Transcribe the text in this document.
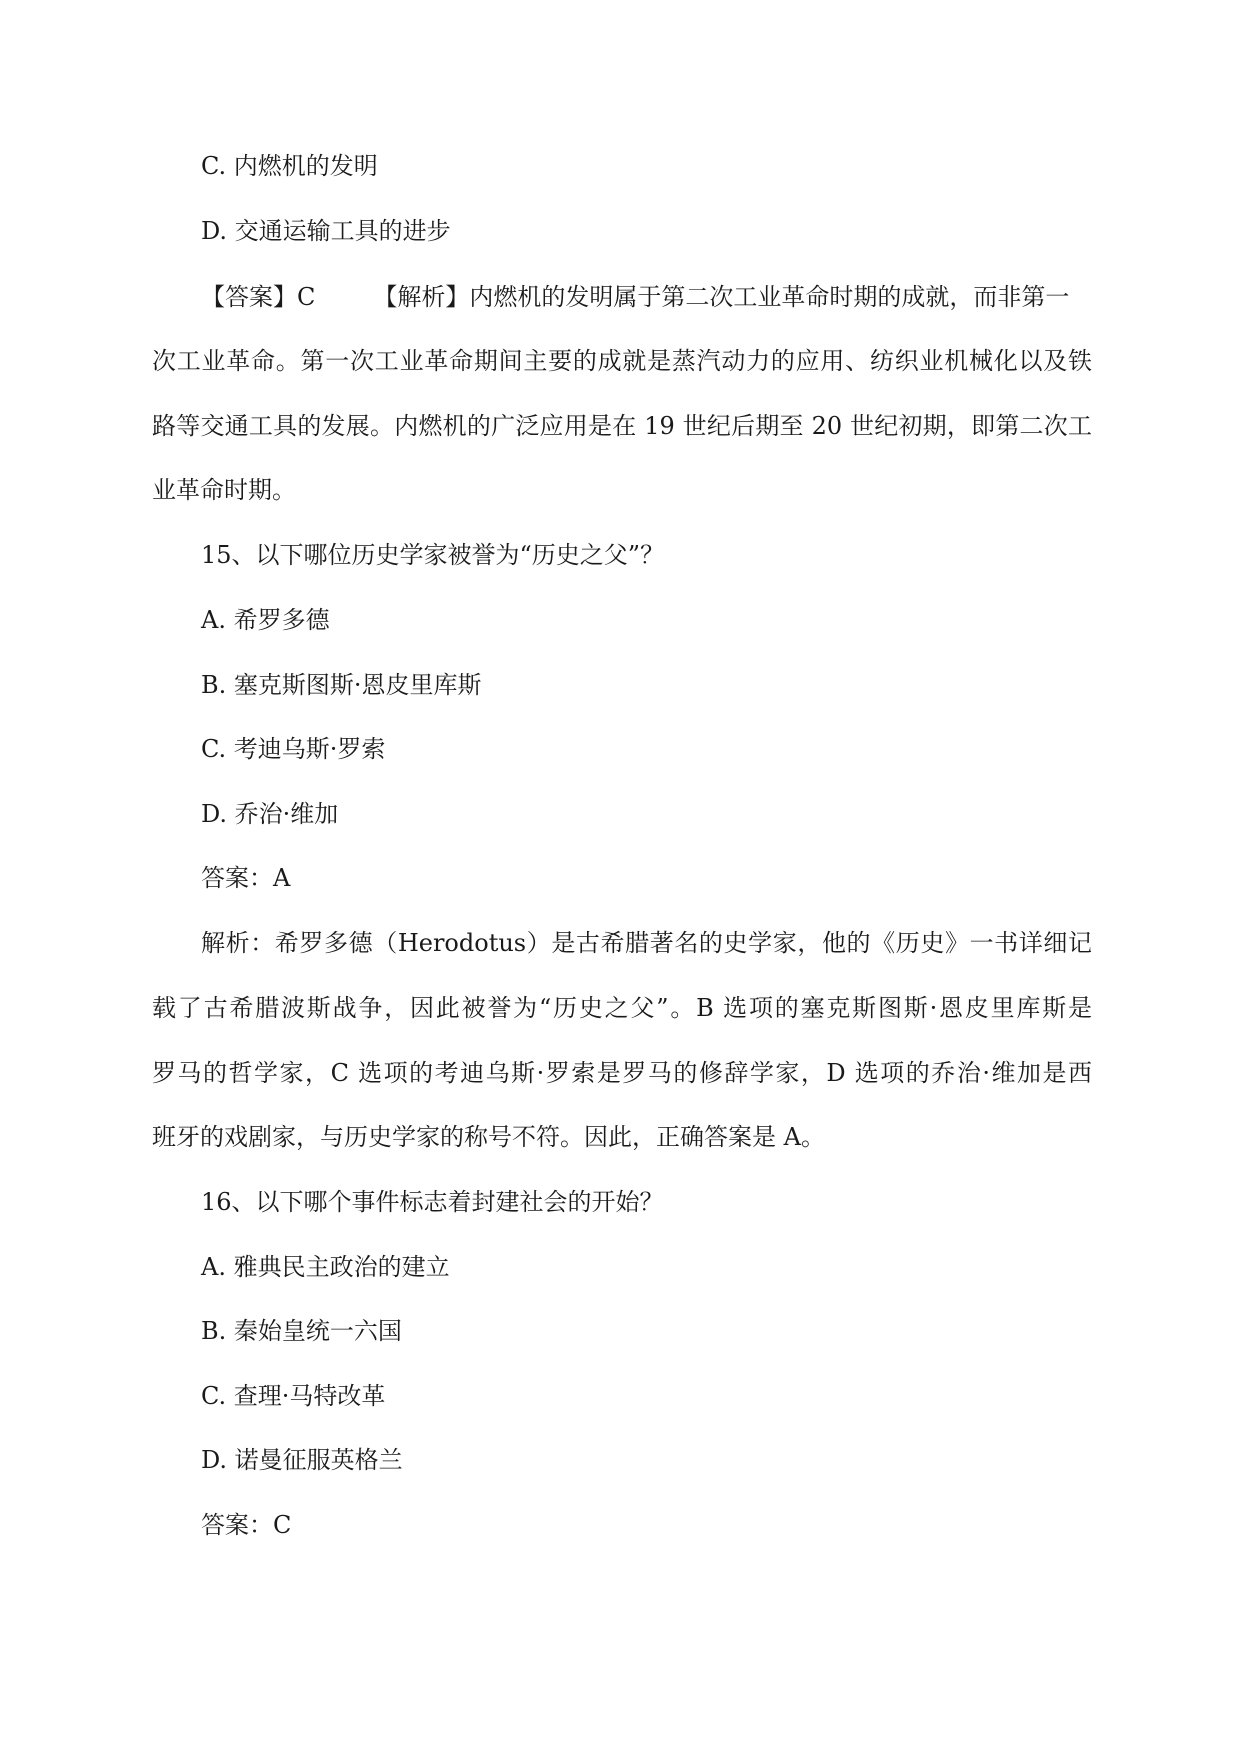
C. 内燃机的发明
D. 交通运输工具的进步
【答案】C 【解析】内燃机的发明属于第二次工业革命时期的成就，而非第一
次工业革命。第一次工业革命期间主要的成就是蒸汽动力的应用、纺织业机械化以及铁
路等交通工具的发展。内燃机的广泛应用是在 19 世纪后期至 20 世纪初期，即第二次工
业革命时期。
15、以下哪位历史学家被誉为“历史之父”？
A. 希罗多德
B. 塞克斯图斯·恩皮里库斯
C. 考迪乌斯·罗索
D. 乔治·维加
答案：A
解析：希罗多德（Herodotus）是古希腊著名的史学家，他的《历史》一书详细记
载了古希腊波斯战争，因此被誉为“历史之父”。B 选项的塞克斯图斯·恩皮里库斯是
罗马的哲学家，C 选项的考迪乌斯·罗索是罗马的修辞学家，D 选项的乔治·维加是西
班牙的戏剧家，与历史学家的称号不符。因此，正确答案是 A。
16、以下哪个事件标志着封建社会的开始？
A. 雅典民主政治的建立
B. 秦始皇统一六国
C. 查理·马特改革
D. 诺曼征服英格兰
答案：C
